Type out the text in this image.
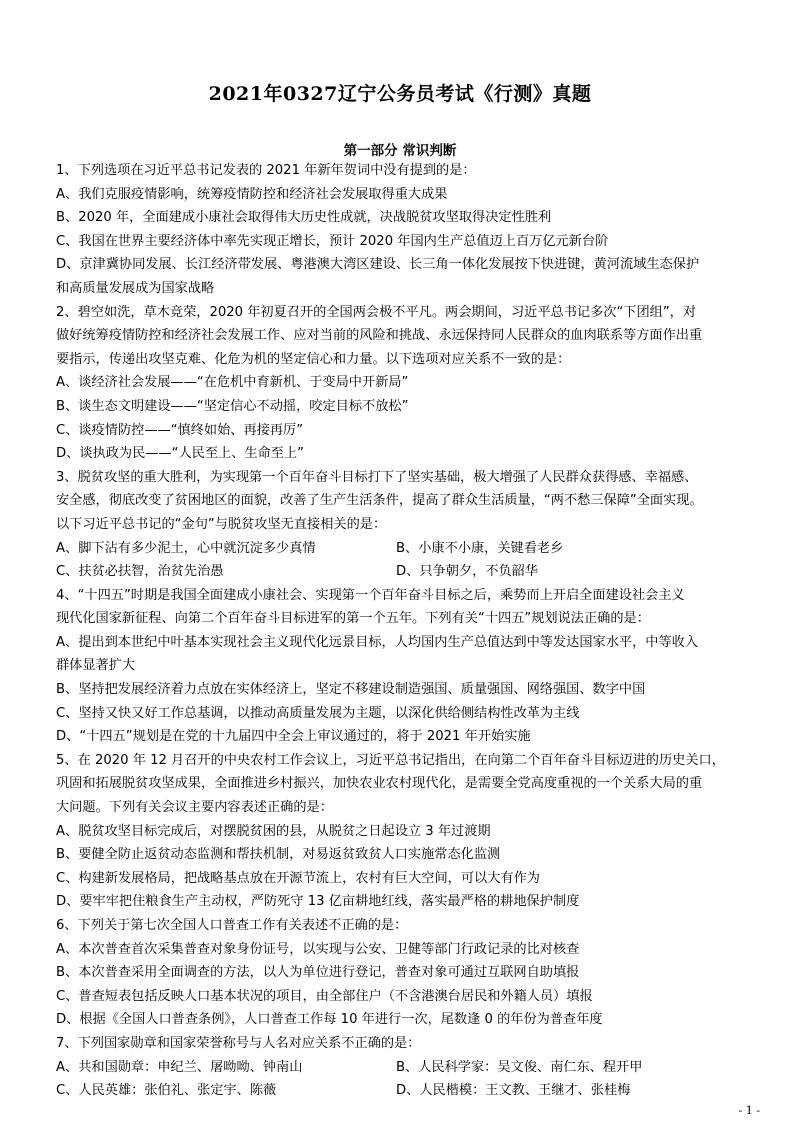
2021年0327辽宁公务员考试《行测》真题
第一部分 常识判断
1、下列选项在习近平总书记发表的 2021 年新年贺词中没有提到的是：
A、我们克服疫情影响，统筹疫情防控和经济社会发展取得重大成果
B、2020 年，全面建成小康社会取得伟大历史性成就，决战脱贫攻坚取得决定性胜利
C、我国在世界主要经济体中率先实现正增长，预计 2020 年国内生产总值迈上百万亿元新台阶
D、京津冀协同发展、长江经济带发展、粤港澳大湾区建设、长三角一体化发展按下快进键，黄河流域生态保护
和高质量发展成为国家战略
2、碧空如洗，草木竞荣，2020 年初夏召开的全国两会极不平凡。两会期间，习近平总书记多次“下团组”，对
做好统筹疫情防控和经济社会发展工作、应对当前的风险和挑战、永远保持同人民群众的血肉联系等方面作出重
要指示，传递出攻坚克难、化危为机的坚定信心和力量。以下选项对应关系不一致的是：
A、谈经济社会发展——“在危机中育新机、于变局中开新局”
B、谈生态文明建设——“坚定信心不动摇，咬定目标不放松”
C、谈疫情防控——“慎终如始、再接再厉”
D、谈执政为民——“人民至上、生命至上”
3、脱贫攻坚的重大胜利，为实现第一个百年奋斗目标打下了坚实基础，极大增强了人民群众获得感、幸福感、
安全感，彻底改变了贫困地区的面貌，改善了生产生活条件，提高了群众生活质量，“两不愁三保障”全面实现。
以下习近平总书记的“金句”与脱贫攻坚无直接相关的是：
A、脚下沾有多少泥土，心中就沉淀多少真情	B、小康不小康，关键看老乡
C、扶贫必扶智，治贫先治愚	D、只争朝夕，不负韶华
4、“十四五”时期是我国全面建成小康社会、实现第一个百年奋斗目标之后，乘势而上开启全面建设社会主义
现代化国家新征程、向第二个百年奋斗目标进军的第一个五年。下列有关“十四五”规划说法正确的是：
A、提出到本世纪中叶基本实现社会主义现代化远景目标，人均国内生产总值达到中等发达国家水平，中等收入
群体显著扩大
B、坚持把发展经济着力点放在实体经济上，坚定不移建设制造强国、质量强国、网络强国、数字中国
C、坚持又快又好工作总基调，以推动高质量发展为主题，以深化供给侧结构性改革为主线
D、“十四五”规划是在党的十九届四中全会上审议通过的，将于 2021 年开始实施
5、在 2020 年 12 月召开的中央农村工作会议上，习近平总书记指出，在向第二个百年奋斗目标迈进的历史关口，
巩固和拓展脱贫攻坚成果，全面推进乡村振兴，加快农业农村现代化，是需要全党高度重视的一个关系大局的重
大问题。下列有关会议主要内容表述正确的是：
A、脱贫攻坚目标完成后，对摆脱贫困的县，从脱贫之日起设立 3 年过渡期
B、要健全防止返贫动态监测和帮扶机制，对易返贫致贫人口实施常态化监测
C、构建新发展格局，把战略基点放在开源节流上，农村有巨大空间，可以大有作为
D、要牢牢把住粮食生产主动权，严防死守 13 亿亩耕地红线，落实最严格的耕地保护制度
6、下列关于第七次全国人口普查工作有关表述不正确的是：
A、本次普查首次采集普查对象身份证号，以实现与公安、卫健等部门行政记录的比对核查
B、本次普查采用全面调查的方法，以人为单位进行登记，普查对象可通过互联网自助填报
C、普查短表包括反映人口基本状况的项目，由全部住户（不含港澳台居民和外籍人员）填报
D、根据《全国人口普查条例》，人口普查工作每 10 年进行一次，尾数逢 0 的年份为普查年度
7、下列国家勋章和国家荣誉称号与人名对应关系不正确的是：
A、共和国勋章：申纪兰、屠呦呦、钟南山	B、人民科学家：吴文俊、南仁东、程开甲
C、人民英雄：张伯礼、张定宇、陈薇	D、人民楷模：王文教、王继才、张桂梅
- 1 -
